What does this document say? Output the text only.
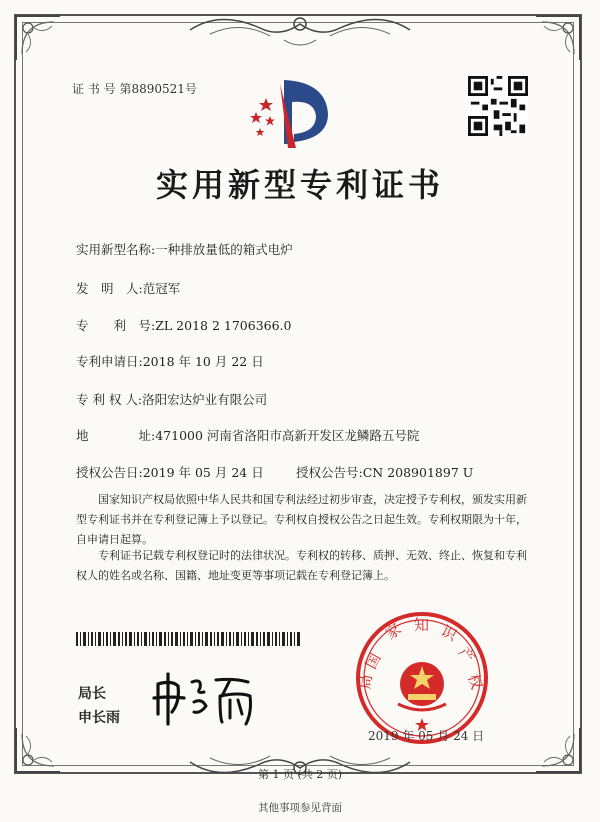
证 书 号 第8890521号
实用新型专利证书
实用新型名称:一种排放量低的箱式电炉
发　明　人:范冠军
专　　利　号:ZL 2018 2 1706366.0
专利申请日:2018 年 10 月 22 日
专 利 权 人:洛阳宏达炉业有限公司
地　　　　址:471000 河南省洛阳市高新开发区龙鳞路五号院
授权公告日:2019 年 05 月 24 日	授权公告号:CN 208901897 U
国家知识产权局依照中华人民共和国专利法经过初步审查，决定授予专利权，颁发实用新型专利证书并在专利登记簿上予以登记。专利权自授权公告之日起生效。专利权期限为十年，自申请日起算。
专利证书记载专利权登记时的法律状况。专利权的转移、质押、无效、终止、恢复和专利权人的姓名或名称、国籍、地址变更等事项记载在专利登记簿上。
局长
申长雨
国
家 知 识
产
权
局
2019 年 05 月 24 日
第 1 页 (共 2 页)
其他事项参见背面
